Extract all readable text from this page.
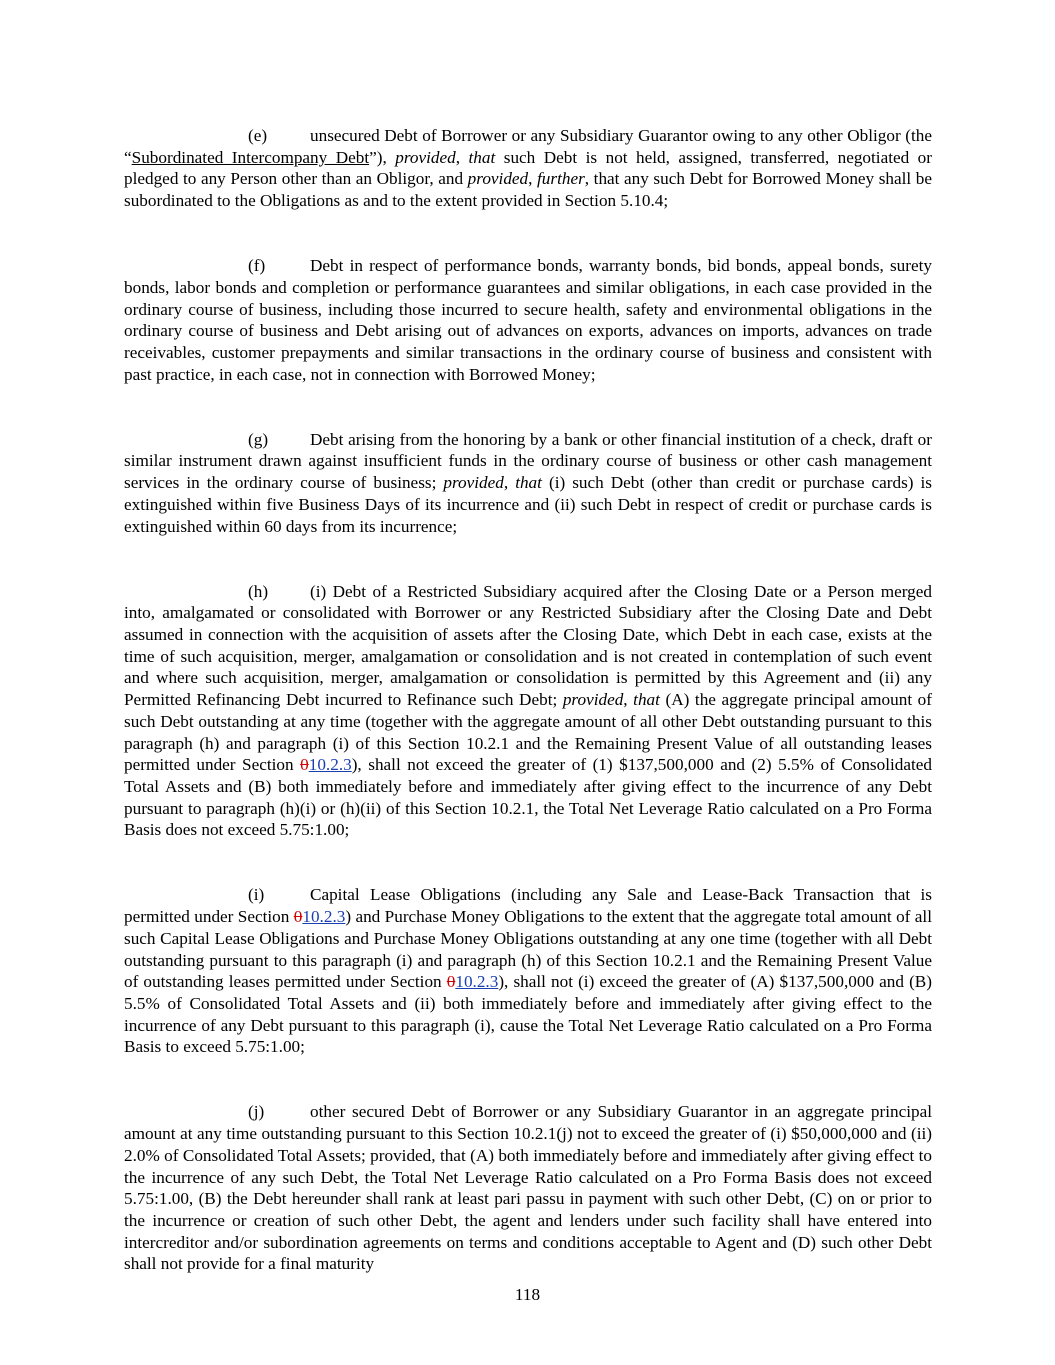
(e) unsecured Debt of Borrower or any Subsidiary Guarantor owing to any other Obligor (the “Subordinated Intercompany Debt”), provided, that such Debt is not held, assigned, transferred, negotiated or pledged to any Person other than an Obligor, and provided, further, that any such Debt for Borrowed Money shall be subordinated to the Obligations as and to the extent provided in Section 5.10.4;

(f)	Debt in respect of performance bonds, warranty bonds, bid bonds, appeal bonds, surety bonds, labor bonds and completion or performance guarantees and similar obligations, in each case provided in the ordinary course of business, including those incurred to secure health, safety and environmental obligations in the ordinary course of business and Debt arising out of advances on exports, advances on imports, advances on trade receivables, customer prepayments and similar transactions in the ordinary course of business and consistent with past practice, in each case, not in connection with Borrowed Money;

(g) Debt arising from the honoring by a bank or other financial institution of a check, draft or similar instrument drawn against insufficient funds in the ordinary course of business or other cash management services in the ordinary course of business; provided, that (i) such Debt (other than credit or purchase cards) is extinguished within five Business Days of its incurrence and (ii) such Debt in respect of credit or purchase cards is extinguished within 60 days from its incurrence;

(h) (i) Debt of a Restricted Subsidiary acquired after the Closing Date or a Person merged into, amalgamated or consolidated with Borrower or any Restricted Subsidiary after the Closing Date and Debt assumed in connection with the acquisition of assets after the Closing Date, which Debt in each case, exists at the time of such acquisition, merger, amalgamation or consolidation and is not created in contemplation of such event and where such acquisition, merger, amalgamation or consolidation is permitted by this Agreement and (ii) any Permitted Refinancing Debt incurred to Refinance such Debt; provided, that (A) the aggregate principal amount of such Debt outstanding at any time (together with the aggregate amount of all other Debt outstanding pursuant to this paragraph (h) and paragraph (i) of this Section 10.2.1 and the Remaining Present Value of all outstanding leases permitted under Section 010.2.3), shall not exceed the greater of (1) $137,500,000 and (2) 5.5% of Consolidated Total Assets and (B) both immediately before and immediately after giving effect to the incurrence of any Debt pursuant to paragraph (h)(i) or (h)(ii) of this Section 10.2.1, the Total Net Leverage Ratio calculated on a Pro Forma Basis does not exceed 5.75:1.00;

(i)	Capital Lease Obligations (including any Sale and Lease-Back Transaction that is permitted under Section 010.2.3) and Purchase Money Obligations to the extent that the aggregate total amount of all such Capital Lease Obligations and Purchase Money Obligations outstanding at any one time (together with all Debt outstanding pursuant to this paragraph (i) and paragraph (h) of this Section 10.2.1 and the Remaining Present Value of outstanding leases permitted under Section 010.2.3), shall not (i) exceed the greater of (A) $137,500,000 and (B) 5.5% of Consolidated Total Assets and (ii) both immediately before and immediately after giving effect to the incurrence of any Debt pursuant to this paragraph (i), cause the Total Net Leverage Ratio calculated on a Pro Forma Basis to exceed 5.75:1.00;

(j)	other secured Debt of Borrower or any Subsidiary Guarantor in an aggregate principal amount at any time outstanding pursuant to this Section 10.2.1(j) not to exceed the greater of (i) $50,000,000 and (ii) 2.0% of Consolidated Total Assets; provided, that (A) both immediately before and immediately after giving effect to the incurrence of any such Debt, the Total Net Leverage Ratio calculated on a Pro Forma Basis does not exceed 5.75:1.00, (B) the Debt hereunder shall rank at least pari passu in payment with such other Debt, (C) on or prior to the incurrence or creation of such other Debt, the agent and lenders under such facility shall have entered into intercreditor and/or subordination agreements on terms and conditions acceptable to Agent and (D) such other Debt shall not provide for a final maturity

118
